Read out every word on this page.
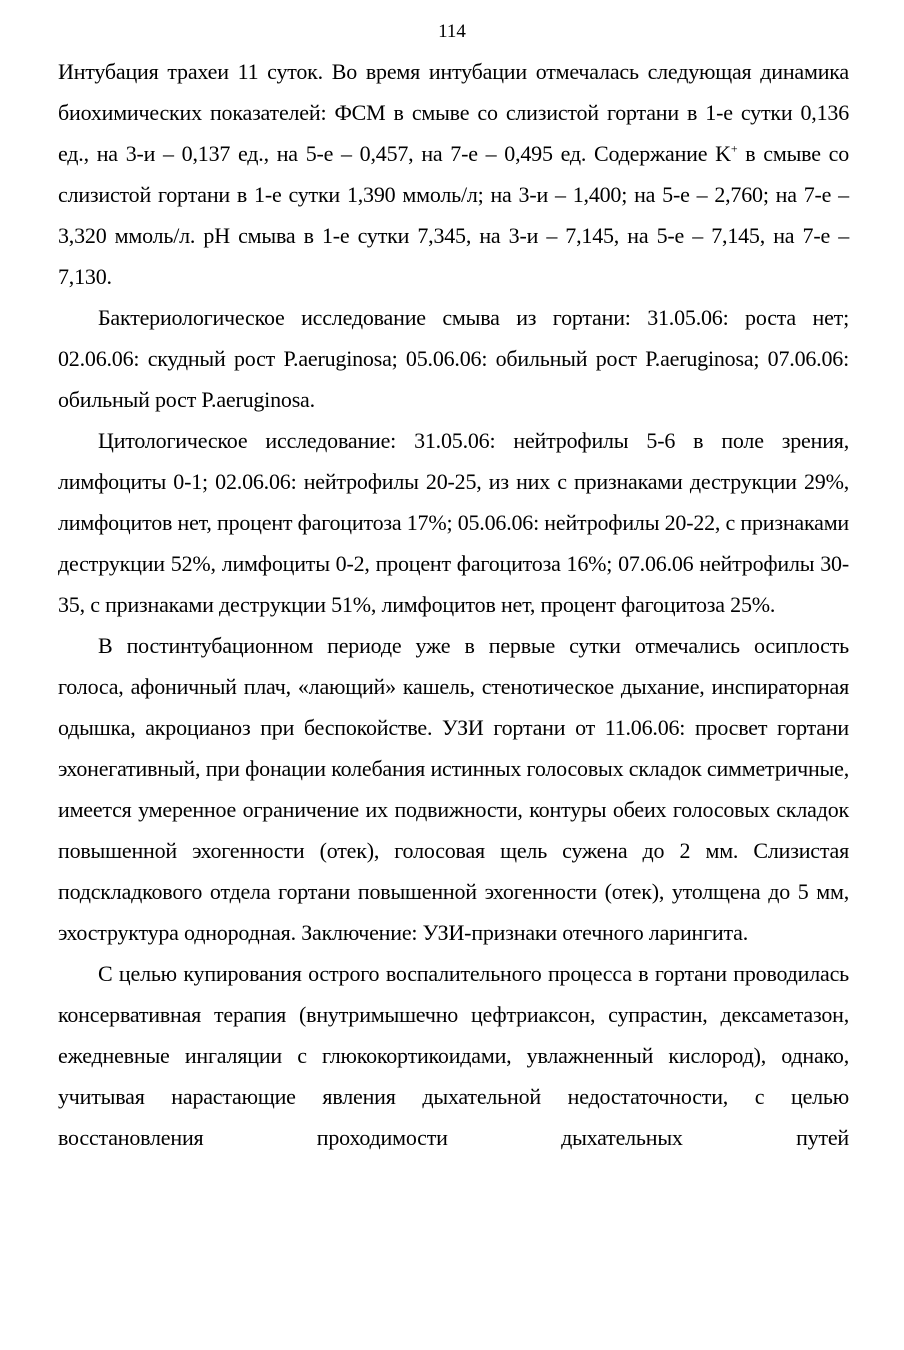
114

Интубация трахеи 11 суток. Во время интубации отмечалась следующая динамика биохимических показателей: ФСМ в смыве со слизистой гортани в 1-е сутки 0,136 ед., на 3-и – 0,137 ед., на 5-е – 0,457, на 7-е – 0,495 ед. Содержание K+ в смыве со слизистой гортани в 1-е сутки 1,390 ммоль/л; на 3-и – 1,400; на 5-е – 2,760; на 7-е – 3,320 ммоль/л. pH смыва в 1-е сутки 7,345, на 3-и – 7,145, на 5-е – 7,145, на 7-е – 7,130.

Бактериологическое исследование смыва из гортани: 31.05.06: роста нет; 02.06.06: скудный рост P.aeruginosa; 05.06.06: обильный рост P.aeruginosa; 07.06.06: обильный рост P.aeruginosa.

Цитологическое исследование: 31.05.06: нейтрофилы 5-6 в поле зрения, лимфоциты 0-1; 02.06.06: нейтрофилы 20-25, из них с признаками деструкции 29%, лимфоцитов нет, процент фагоцитоза 17%; 05.06.06: нейтрофилы 20-22, с признаками деструкции 52%, лимфоциты 0-2, процент фагоцитоза 16%; 07.06.06 нейтрофилы 30-35, с признаками деструкции 51%, лимфоцитов нет, процент фагоцитоза 25%.

В постинтубационном периоде уже в первые сутки отмечались осиплость голоса, афоничный плач, «лающий» кашель, стенотическое дыхание, инспираторная одышка, акроцианоз при беспокойстве. УЗИ гортани от 11.06.06: просвет гортани эхонегативный, при фонации колебания истинных голосовых складок симметричные, имеется умеренное ограничение их подвижности, контуры обеих голосовых складок повышенной эхогенности (отек), голосовая щель сужена до 2 мм. Слизистая подскладкового отдела гортани повышенной эхогенности (отек), утолщена до 5 мм, эхоструктура однородная. Заключение: УЗИ-признаки отечного ларингита.

С целью купирования острого воспалительного процесса в гортани проводилась консервативная терапия (внутримышечно цефтриаксон, супрастин, дексаметазон, ежедневные ингаляции с глюкокортикоидами, увлажненный кислород), однако, учитывая нарастающие явления дыхательной недостаточности, с целью восстановления проходимости дыхательных путей
